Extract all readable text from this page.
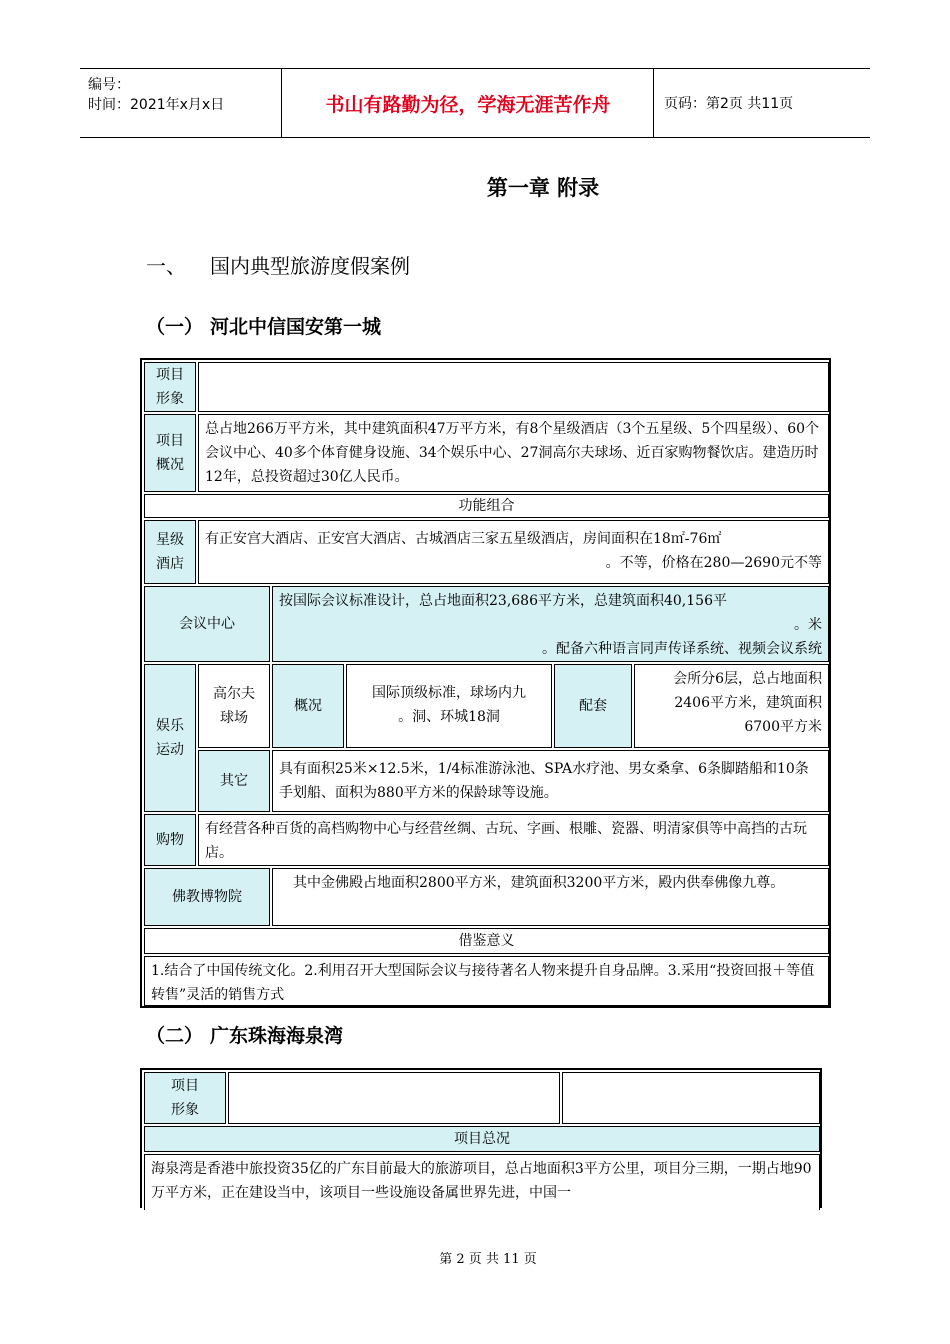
编号：
时间：2021年x月x日	书山有路勤为径，学海无涯苦作舟	页码：第2页 共11页
第一章 附录
一、 国内典型旅游度假案例
（一） 河北中信国安第一城
项目
形象
项目
概况
总占地266万平方米，其中建筑面积47万平方米，有8个星级酒店（3个五星级、5个四星级）、60个会议中心、40多个体育健身设施、34个娱乐中心、27洞高尔夫球场、近百家购物餐饮店。建造历时12年，总投资超过30亿人民币。
功能组合
星级
酒店
有正安宫大酒店、正安宫大酒店、古城酒店三家五星级酒店，房间面积在18㎡-76㎡
。不等，价格在280—2690元不等
会议中心
按国际会议标准设计，总占地面积23,686平方米，总建筑面积40,156平
。米
。配备六种语言同声传译系统、视频会议系统
娱乐
运动
高尔夫
球场
概况
国际顶级标准，球场内九
。洞、环城18洞
配套
会所分6层，总占地面积2406平方米，建筑面积6700平方米
其它
具有面积25米×12.5米，1/4标准游泳池、SPA水疗池、男女桑拿、6条脚踏船和10条手划船、面积为880平方米的保龄球等设施。
购物
有经营各种百货的高档购物中心与经营丝绸、古玩、字画、根雕、瓷器、明清家俱等中高挡的古玩店。
佛教博物院
其中金佛殿占地面积2800平方米，建筑面积3200平方米，殿内供奉佛像九尊。
借鉴意义
1.结合了中国传统文化。2.利用召开大型国际会议与接待著名人物来提升自身品牌。3.采用“投资回报＋等值转售”灵活的销售方式
（二） 广东珠海海泉湾
项目
形象
项目总况
海泉湾是香港中旅投资35亿的广东目前最大的旅游项目，总占地面积3平方公里，项目分三期，一期占地90万平方米，正在建设当中，该项目一些设施设备属世界先进，中国一
第 2 页 共 11 页
